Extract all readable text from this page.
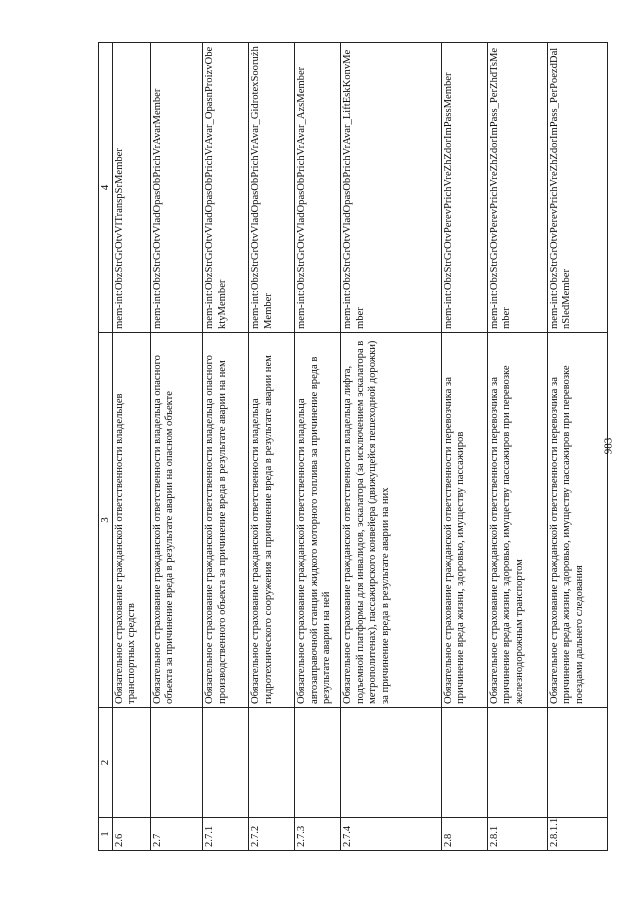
1	2	3	4
2.6		Обязательное страхование гражданской ответственности владельцев транспортных средств	mem-int:ObzStrGrOtvVlTranspSrMember
2.7		Обязательное страхование гражданской ответственности владельца опасного объекта за причинение вреда в результате аварии на опасном объекте	mem-int:ObzStrGrOtvVladOpasObPrichVrAvarMember
2.7.1		Обязательное страхование гражданской ответственности владельца опасного производственного объекта за причинение вреда в результате аварии на нем	mem-int:ObzStrGrOtvVladOpasObPrichVrAvar_OpasnProizvObektyMember
2.7.2		Обязательное страхование гражданской ответственности владельца гидротехнического сооружения за причинение вреда в результате аварии нем	mem-int:ObzStrGrOtvVladOpasObPrichVrAvar_GidrotexSoorużhMember
2.7.3		Обязательное страхование гражданской ответственности владельца автозаправочной станции жидкого моторного топлива за причинение вреда в результате аварии на ней	mem-int:ObzStrGrOtvVladOpasObPrichVrAvar_AzsMember
2.7.4		Обязательное страхование гражданской ответственности владельца лифта, подъемной платформы для инвалидов, эскалатора (за исключением эскалатора в метрополитенах), пассажирского конвейера (движущейся пешеходной дорожки) за причинение вреда в результате аварии на них	mem-int:ObzStrGrOtvVladOpasObPrichVrAvar_LiftEskKonvMember
2.8		Обязательное страхование гражданской ответственности перевозчика за причинение вреда жизни, здоровью, имуществу пассажиров	mem-int:ObzStrGrOtvPerevPrichVreZhZdorImPassMember
2.8.1		Обязательное страхование гражданской ответственности перевозчика за причинение вреда жизни, здоровью, имуществу пассажиров при перевозке железнодорожным транспортом	mem-int:ObzStrGrOtvPerevPrichVreZhZdorImPass_PerZhdTsMember
2.8.1.1		Обязательное страхование гражданской ответственности перевозчика за причинение вреда жизни, здоровью, имуществу пассажиров при перевозке поездами дальнего следования	mem-int:ObzStrGrOtvPerevPrichVreZhZdorImPass_PerPoezdDalnSledMember
983
